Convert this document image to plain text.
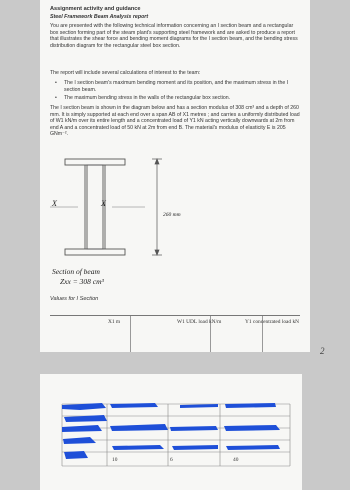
Assignment activity and guidance
Steel Framework Beam Analysis report
You are presented with the following technical information concerning an I section beam and a rectangular box section forming part of the steam plant's supporting steel framework and are asked to produce a report that illustrates the shear force and bending moment diagrams for the I section beam, and the bending stress distribution diagram for the rectangular steel box section.
The report will include several calculations of interest to the team:
• The I section beam's maximum bending moment and its position, and the maximum stress in the I section beam.
• The maximum bending stress in the walls of the rectangular box section.
The I section beam is shown in the diagram below and has a section modulus of 308 cm³ and a depth of 260 mm. It is simply supported at each end over a span AB of X1 metres ; and carries a uniformly distributed load of W1 kN/m over its entire length and a concentrated load of Y1 kN acting vertically downwards at 2m from end A and a concentrated load of 50 kN at 2m from end B. The material's modulus of elasticity E is 205 GNm⁻².
X	X
260 mm
Section of beam
Zxx = 308 cm³
Values for I Section
X1 m	W1 UDL load kN/m	Y1 concentrated load kN
2
10	6	40
